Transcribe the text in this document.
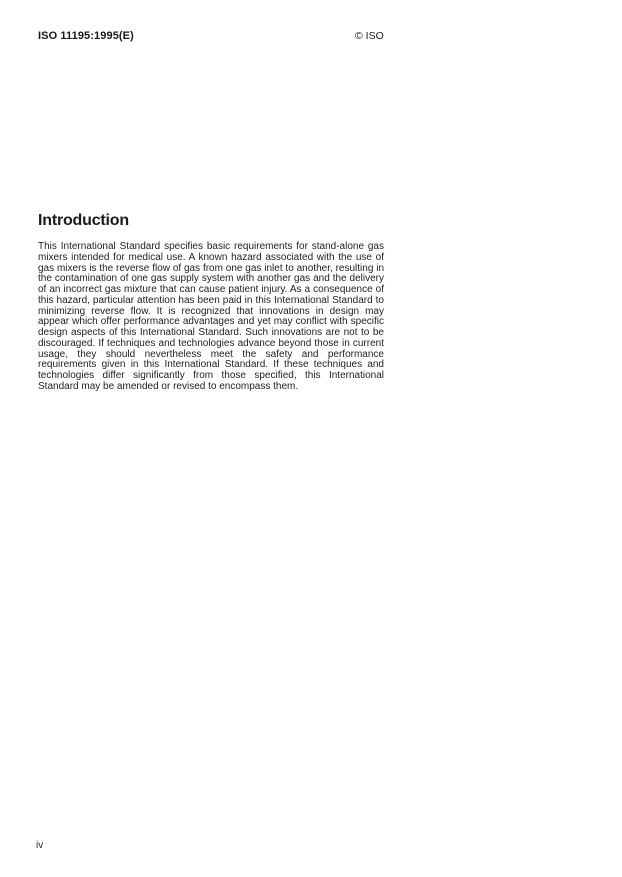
ISO 11195:1995(E)	© ISO
Introduction

This International Standard specifies basic requirements for stand-alone gas mixers intended for medical use. A known hazard associated with the use of gas mixers is the reverse flow of gas from one gas inlet to another, resulting in the contamination of one gas supply system with another gas and the delivery of an incorrect gas mixture that can cause patient injury. As a consequence of this hazard, particular attention has been paid in this International Standard to minimizing reverse flow. It is recognized that innovations in design may appear which offer performance advantages and yet may conflict with specific design aspects of this International Standard. Such innovations are not to be discouraged. If techniques and technologies advance beyond those in current usage, they should nevertheless meet the safety and performance requirements given in this International Standard. If these techniques and technologies differ significantly from those specified, this International Standard may be amended or revised to encompass them.

iv
